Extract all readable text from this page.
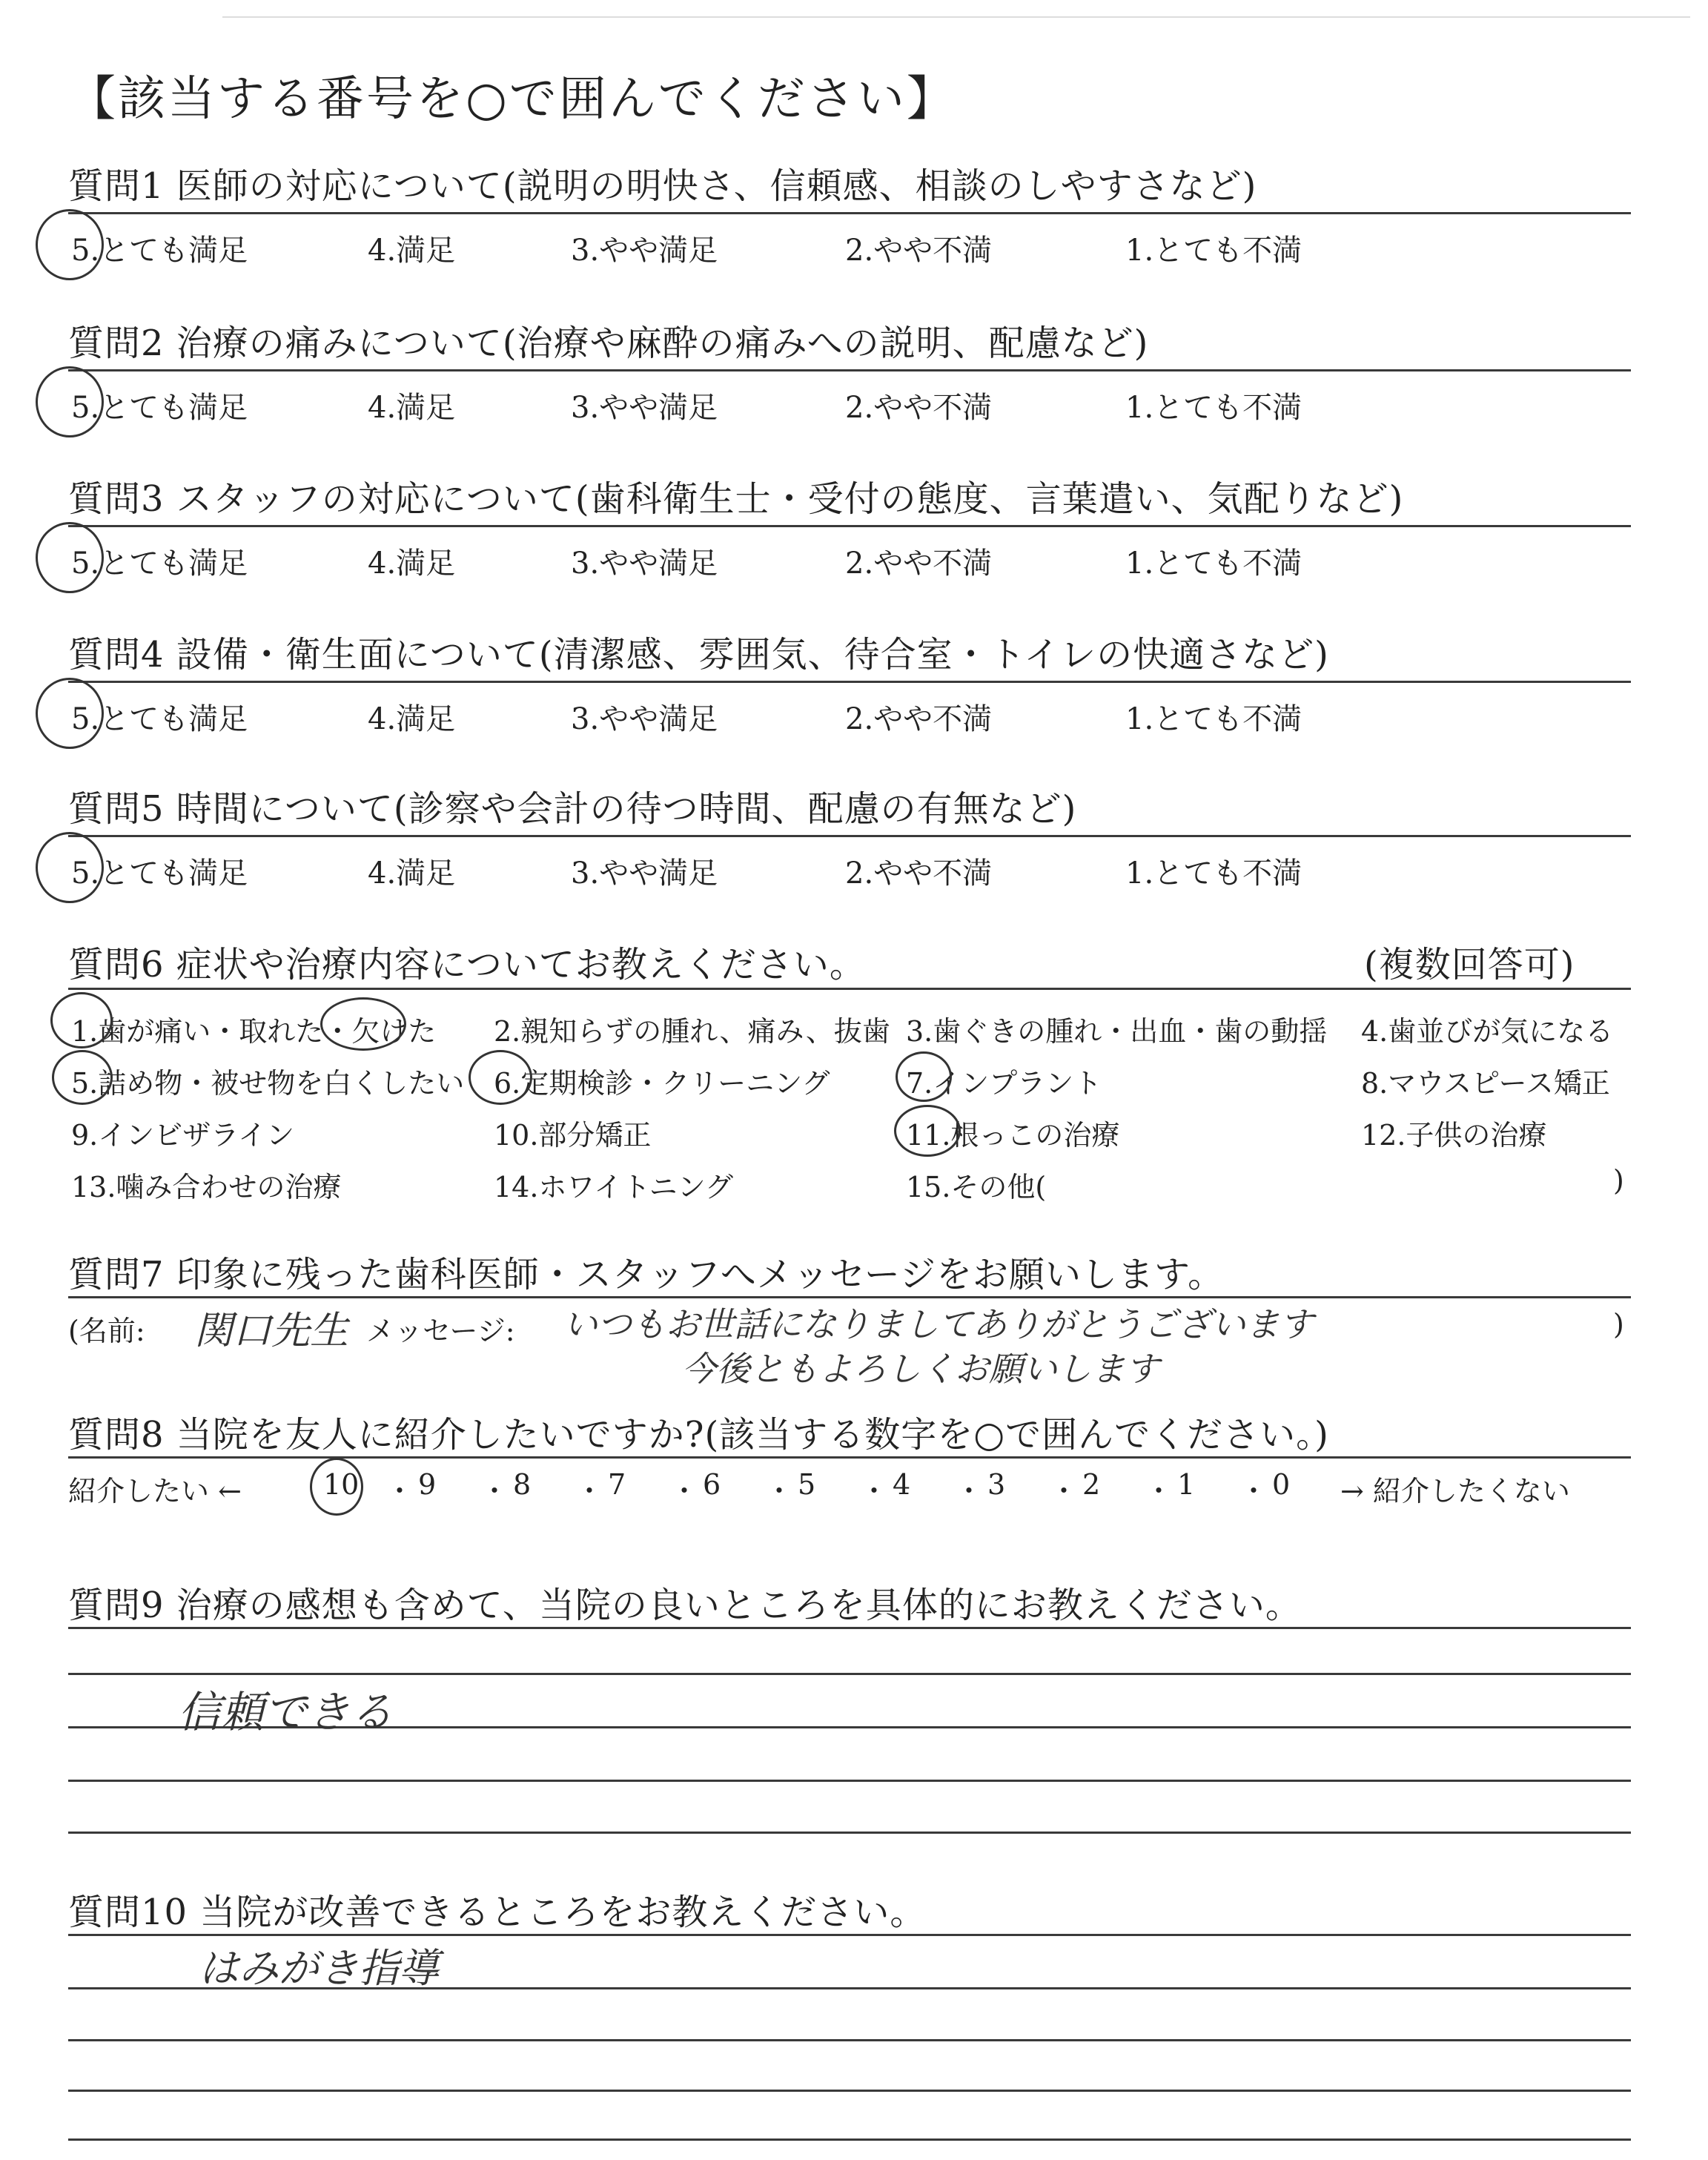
【該当する番号を○で囲んでください】
質問1 医師の対応について(説明の明快さ、信頼感、相談のしやすさなど)
5.とても満足	4.満足	3.やや満足	2.やや不満	1.とても不満
質問2 治療の痛みについて(治療や麻酔の痛みへの説明、配慮など)
5.とても満足	4.満足	3.やや満足	2.やや不満	1.とても不満
質問3 スタッフの対応について(歯科衛生士・受付の態度、言葉遣い、気配りなど)
5.とても満足	4.満足	3.やや満足	2.やや不満	1.とても不満
質問4 設備・衛生面について(清潔感、雰囲気、待合室・トイレの快適さなど)
5.とても満足	4.満足	3.やや満足	2.やや不満	1.とても不満
質問5 時間について(診察や会計の待つ時間、配慮の有無など)
5.とても満足	4.満足	3.やや満足	2.やや不満	1.とても不満
質問6 症状や治療内容についてお教えください。	(複数回答可)
1.歯が痛い・取れた・欠けた 2.親知らずの腫れ、痛み、抜歯 3.歯ぐきの腫れ・出血・歯の動揺 4.歯並びが気になる
5.詰め物・被せ物を白くしたい 6.定期検診・クリーニング	7.インプラント	8.マウスピース矯正
9.インビザライン	10.部分矯正	11.根っこの治療	12.子供の治療
13.噛み合わせの治療	14.ホワイトニング	15.その他(	)
質問7 印象に残った歯科医師・スタッフへメッセージをお願いします。
(名前: 関口先生 メッセージ: いつもお世話になりましてありがとうございます
今後ともよろしくお願いします
)
質問8 当院を友人に紹介したいですか?(該当する数字を○で囲んでください。)
紹介したい ←	10 ・ 9 ・ 8 ・ 7 ・ 6 ・ 5 ・ 4 ・ 3 ・ 2 ・ 1 ・ 0 → 紹介したくない
質問9 治療の感想も含めて、当院の良いところを具体的にお教えください。
信頼できる
質問10 当院が改善できるところをお教えください。
はみがき指導
